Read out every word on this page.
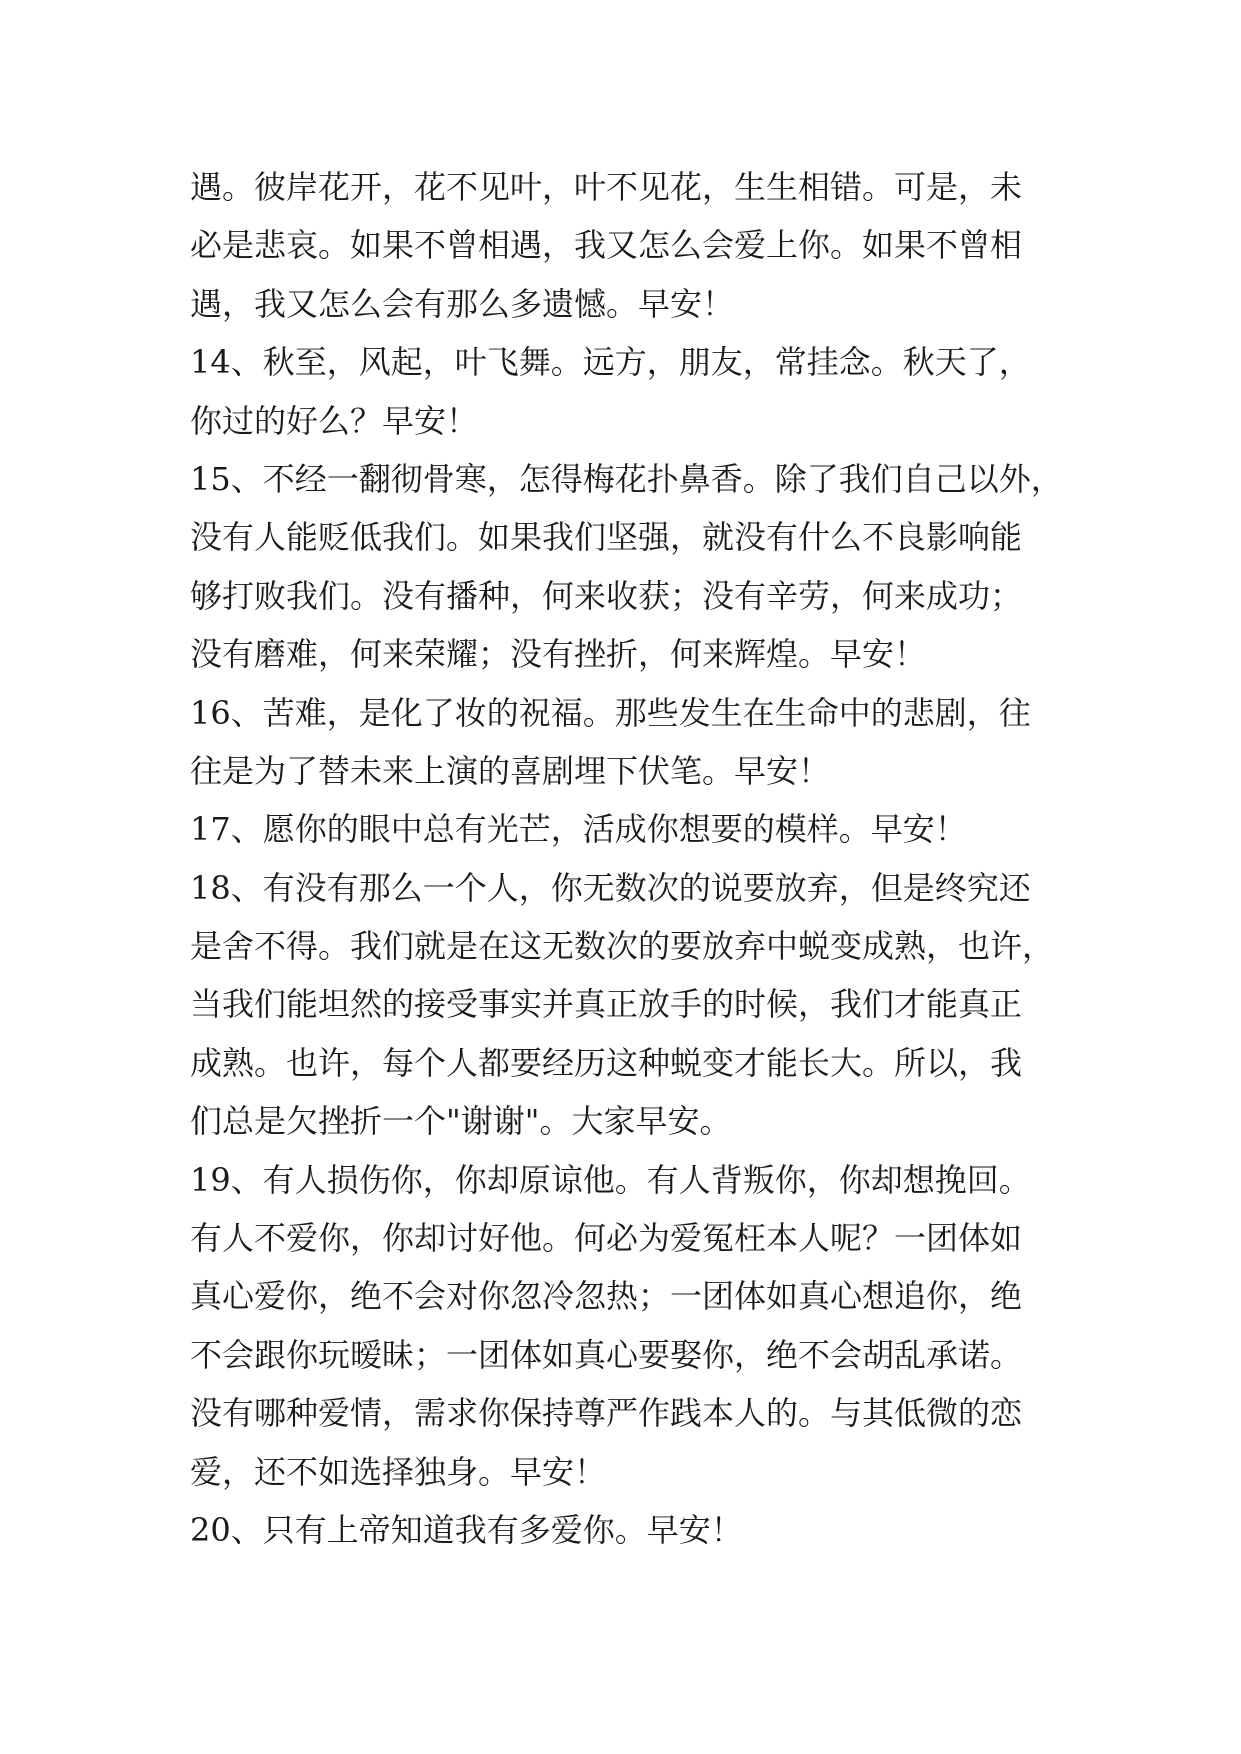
遇。彼岸花开，花不见叶，叶不见花，生生相错。可是，未
必是悲哀。如果不曾相遇，我又怎么会爱上你。如果不曾相
遇，我又怎么会有那么多遗憾。早安！
14、秋至，风起，叶飞舞。远方，朋友，常挂念。秋天了，
你过的好么？早安！
15、不经一翻彻骨寒，怎得梅花扑鼻香。除了我们自己以外，
没有人能贬低我们。如果我们坚强，就没有什么不良影响能
够打败我们。没有播种，何来收获；没有辛劳，何来成功；
没有磨难，何来荣耀；没有挫折，何来辉煌。早安！
16、苦难，是化了妆的祝福。那些发生在生命中的悲剧，往
往是为了替未来上演的喜剧埋下伏笔。早安！
17、愿你的眼中总有光芒，活成你想要的模样。早安！
18、有没有那么一个人，你无数次的说要放弃，但是终究还
是舍不得。我们就是在这无数次的要放弃中蜕变成熟，也许，
当我们能坦然的接受事实并真正放手的时候，我们才能真正
成熟。也许，每个人都要经历这种蜕变才能长大。所以，我
们总是欠挫折一个"谢谢"。大家早安。
19、有人损伤你，你却原谅他。有人背叛你，你却想挽回。
有人不爱你，你却讨好他。何必为爱冤枉本人呢？一团体如
真心爱你，绝不会对你忽冷忽热；一团体如真心想追你，绝
不会跟你玩暧昧；一团体如真心要娶你，绝不会胡乱承诺。
没有哪种爱情，需求你保持尊严作践本人的。与其低微的恋
爱，还不如选择独身。早安！
20、只有上帝知道我有多爱你。早安！
